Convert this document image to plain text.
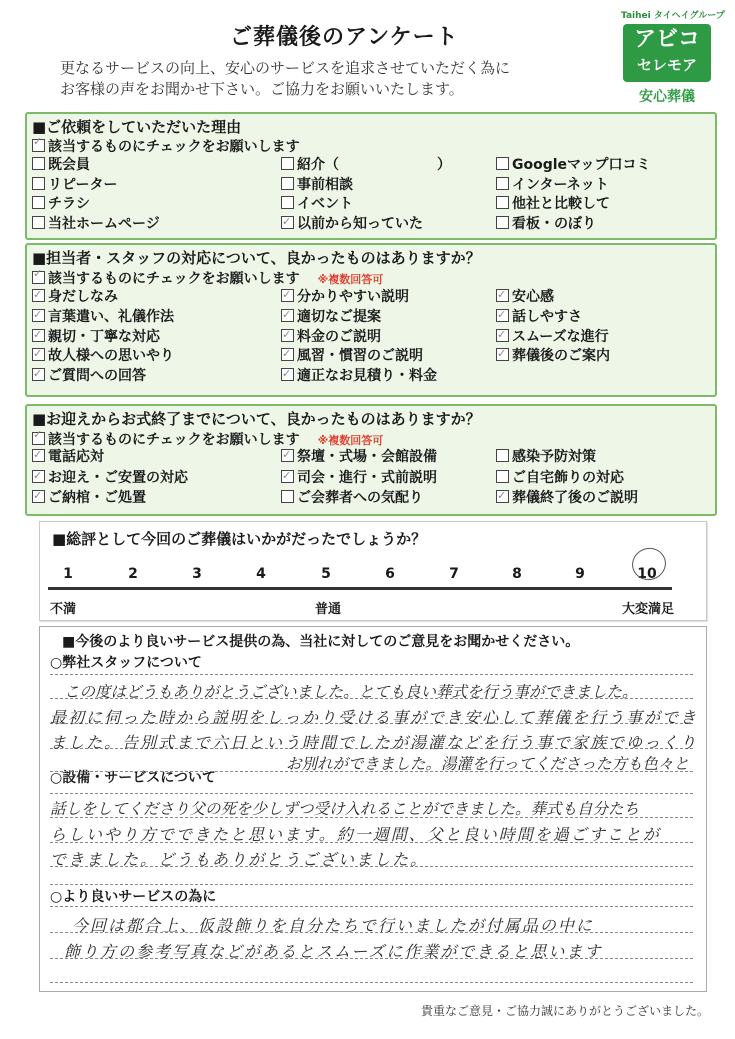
ご葬儀後のアンケート
更なるサービスの向上、安心のサービスを追求させていただく為に
お客様の声をお聞かせ下さい。ご協力をお願いいたします。
Taihei タイヘイグループ
アビコ
セレモア
安心葬儀
■ご依頼をしていただいた理由
✓該当するものにチェックをお願いします
既会員	紹介（　　　　　　　）	Googleマップ口コミ
リピーター	事前相談	インターネット
チラシ	イベント	他社と比較して
当社ホームページ ✓	以前から知っていた	看板・のぼり
■担当者・スタッフの対応について、良かったものはありますか？
✓該当するものにチェックをお願いします ※複数回答可
✓身だしなみ ✓	分かりやすい説明 ✓	安心感
✓言葉遣い、礼儀作法 ✓	適切なご提案 ✓	話しやすさ
✓親切・丁寧な対応 ✓	料金のご説明 ✓	スムーズな進行
✓故人様への思いやり ✓	風習・慣習のご説明 ✓	葬儀後のご案内
✓ご質問への回答 ✓	適正なお見積り・料金
■お迎えからお式終了までについて、良かったものはありますか？
✓該当するものにチェックをお願いします ※複数回答可
✓電話応対 ✓	祭壇・式場・会館設備	感染予防対策
✓お迎え・ご安置の対応 ✓	司会・進行・式前説明	ご自宅飾りの対応
✓ご納棺・ご処置	ご会葬者への気配り ✓	葬儀終了後のご説明
■総評として今回のご葬儀はいかがだったでしょうか？
1	2	3	4	5	6	7	8	9	10
不満	普通	大変満足
■今後のより良いサービス提供の為、当社に対してのご意見をお聞かせください。
○弊社スタッフについて
○設備・サービスについて
○より良いサービスの為に
この度はどうもありがとうございました。とても良い葬式を行う事ができました。
最初に伺った時から説明をしっかり受ける事ができ安心して葬儀を行う事ができ
ました。告別式まで六日という時間でしたが湯灌などを行う事で家族でゆっくり
お別れができました。湯灌を行ってくださった方も色々と
話しをしてくださり父の死を少しずつ受け入れることができました。葬式も自分たち
らしいやり方でできたと思います。約一週間、父と良い時間を過ごすことが
できました。どうもありがとうございました。
今回は都合上、仮設飾りを自分たちで行いましたが付属品の中に
飾り方の参考写真などがあるとスムーズに作業ができると思います
貴重なご意見・ご協力誠にありがとうございました。
